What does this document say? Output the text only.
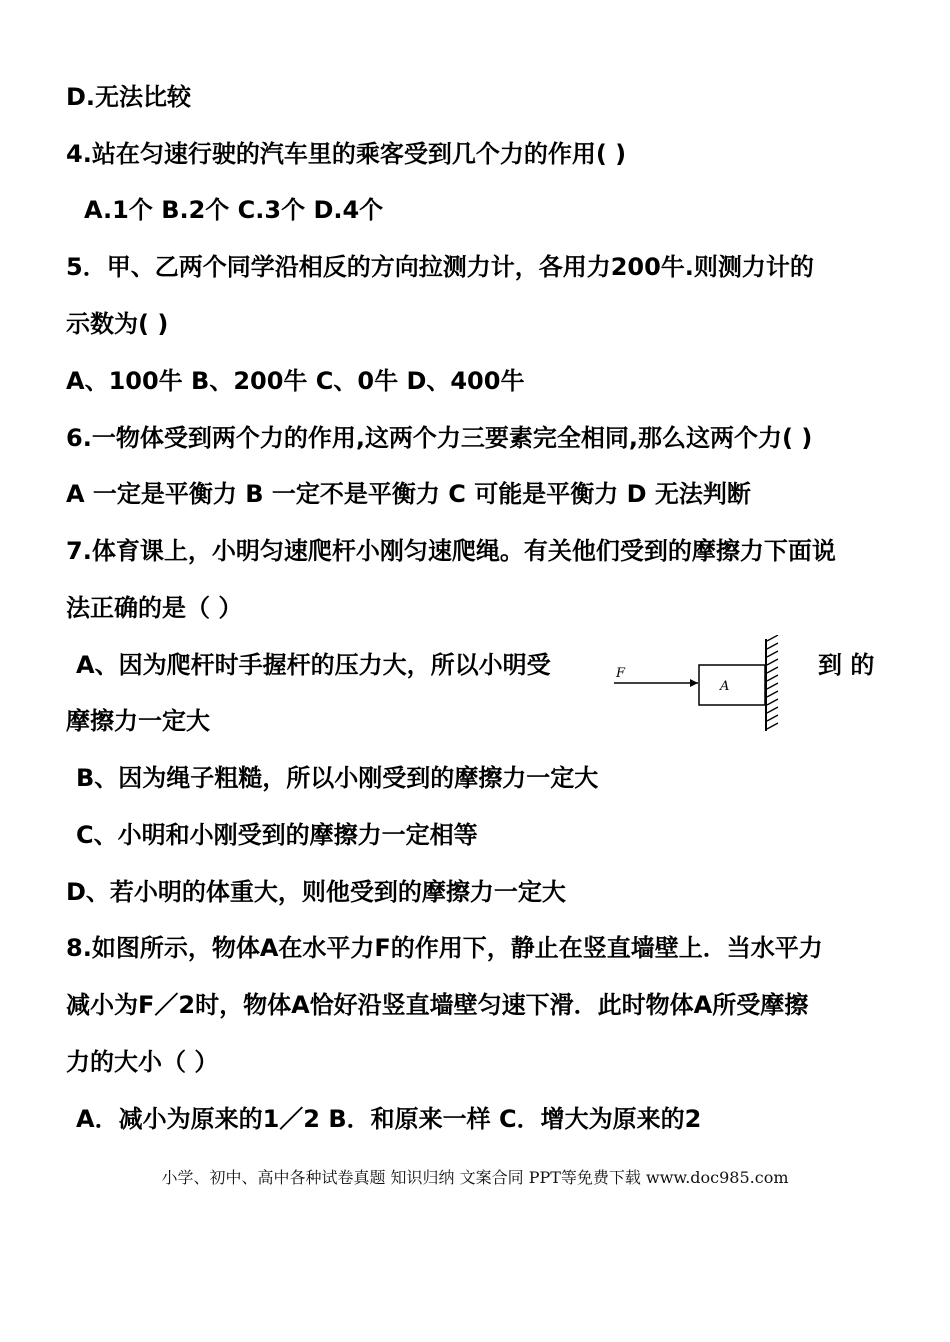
D.无法比较
4.站在匀速行驶的汽车里的乘客受到几个力的作用( )
A.1个 B.2个 C.3个 D.4个
5．甲、乙两个同学沿相反的方向拉测力计，各用力200牛.则测力计的
示数为( )
A、100牛 B、200牛 C、0牛 D、400牛
6.一物体受到两个力的作用,这两个力三要素完全相同,那么这两个力( )
A 一定是平衡力 B 一定不是平衡力 C 可能是平衡力 D 无法判断
7.体育课上，小明匀速爬杆小刚匀速爬绳。有关他们受到的摩擦力下面说
法正确的是（ ）
A、因为爬杆时手握杆的压力大，所以小明受	到 的
摩擦力一定大
B、因为绳子粗糙，所以小刚受到的摩擦力一定大
C、小明和小刚受到的摩擦力一定相等
D、若小明的体重大，则他受到的摩擦力一定大
8.如图所示，物体A在水平力F的作用下，静止在竖直墙壁上．当水平力
减小为F／2时，物体A恰好沿竖直墙壁匀速下滑．此时物体A所受摩擦
力的大小（ ）
A．减小为原来的1／2 B．和原来一样 C．增大为原来的2
F
A
小学、初中、高中各种试卷真题 知识归纳 文案合同 PPT等免费下载 www.doc985.com
